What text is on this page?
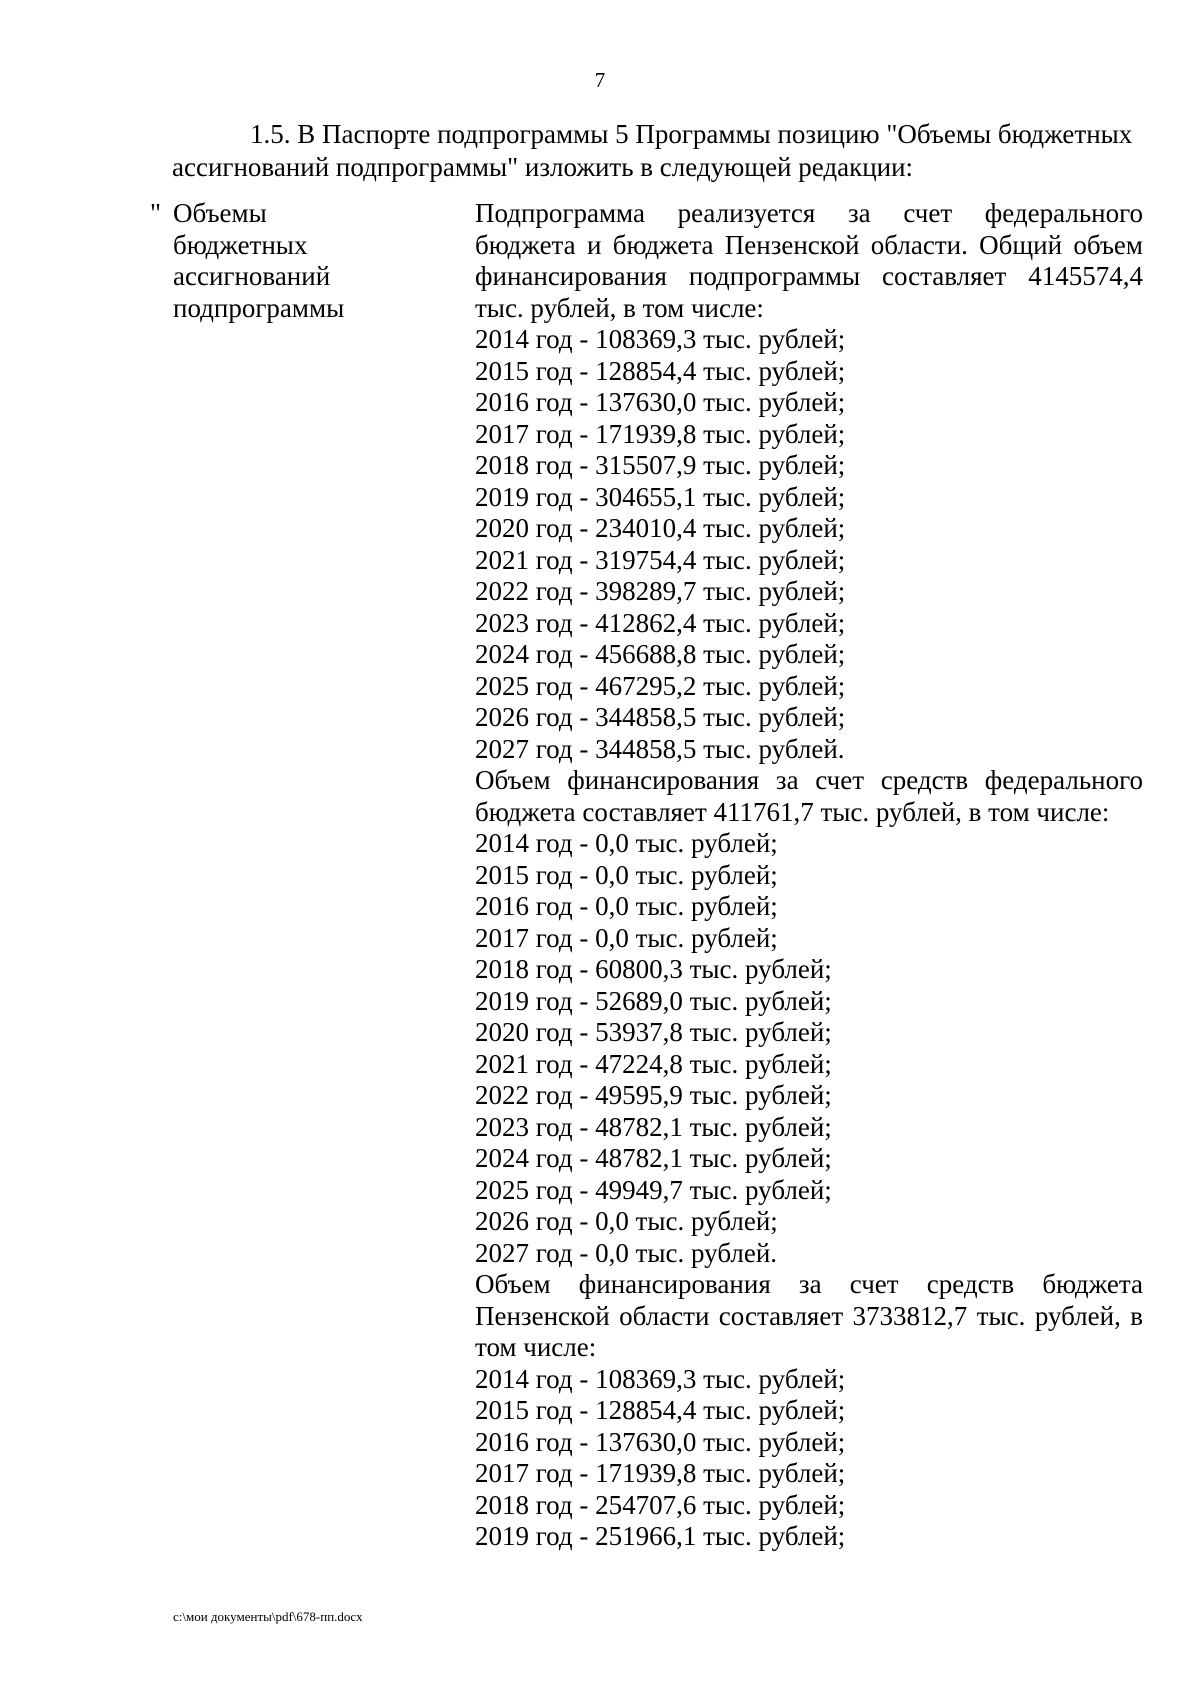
7
1.5. В Паспорте подпрограммы 5 Программы позицию "Объемы бюджетных
ассигнований подпрограммы" изложить в следующей редакции:
" Объемы
бюджетных
ассигнований
подпрограммы
Подпрограмма реализуется за счет федерального бюджета и бюджета Пензенской области. Общий объем финансирования подпрограммы составляет 4145574,4 тыс. рублей, в том числе:
2014 год - 108369,3 тыс. рублей;
2015 год - 128854,4 тыс. рублей;
2016 год - 137630,0 тыс. рублей;
2017 год - 171939,8 тыс. рублей;
2018 год - 315507,9 тыс. рублей;
2019 год - 304655,1 тыс. рублей;
2020 год - 234010,4 тыс. рублей;
2021 год - 319754,4 тыс. рублей;
2022 год - 398289,7 тыс. рублей;
2023 год - 412862,4 тыс. рублей;
2024 год - 456688,8 тыс. рублей;
2025 год - 467295,2 тыс. рублей;
2026 год - 344858,5 тыс. рублей;
2027 год - 344858,5 тыс. рублей.
Объем финансирования за счет средств федерального бюджета составляет 411761,7 тыс. рублей, в том числе:
2014 год - 0,0 тыс. рублей;
2015 год - 0,0 тыс. рублей;
2016 год - 0,0 тыс. рублей;
2017 год - 0,0 тыс. рублей;
2018 год - 60800,3 тыс. рублей;
2019 год - 52689,0 тыс. рублей;
2020 год - 53937,8 тыс. рублей;
2021 год - 47224,8 тыс. рублей;
2022 год - 49595,9 тыс. рублей;
2023 год - 48782,1 тыс. рублей;
2024 год - 48782,1 тыс. рублей;
2025 год - 49949,7 тыс. рублей;
2026 год - 0,0 тыс. рублей;
2027 год - 0,0 тыс. рублей.
Объем финансирования за счет средств бюджета Пензенской области составляет 3733812,7 тыс. рублей, в том числе:
2014 год - 108369,3 тыс. рублей;
2015 год - 128854,4 тыс. рублей;
2016 год - 137630,0 тыс. рублей;
2017 год - 171939,8 тыс. рублей;
2018 год - 254707,6 тыс. рублей;
2019 год - 251966,1 тыс. рублей;
c:\мои документы\pdf\678-пп.docx
